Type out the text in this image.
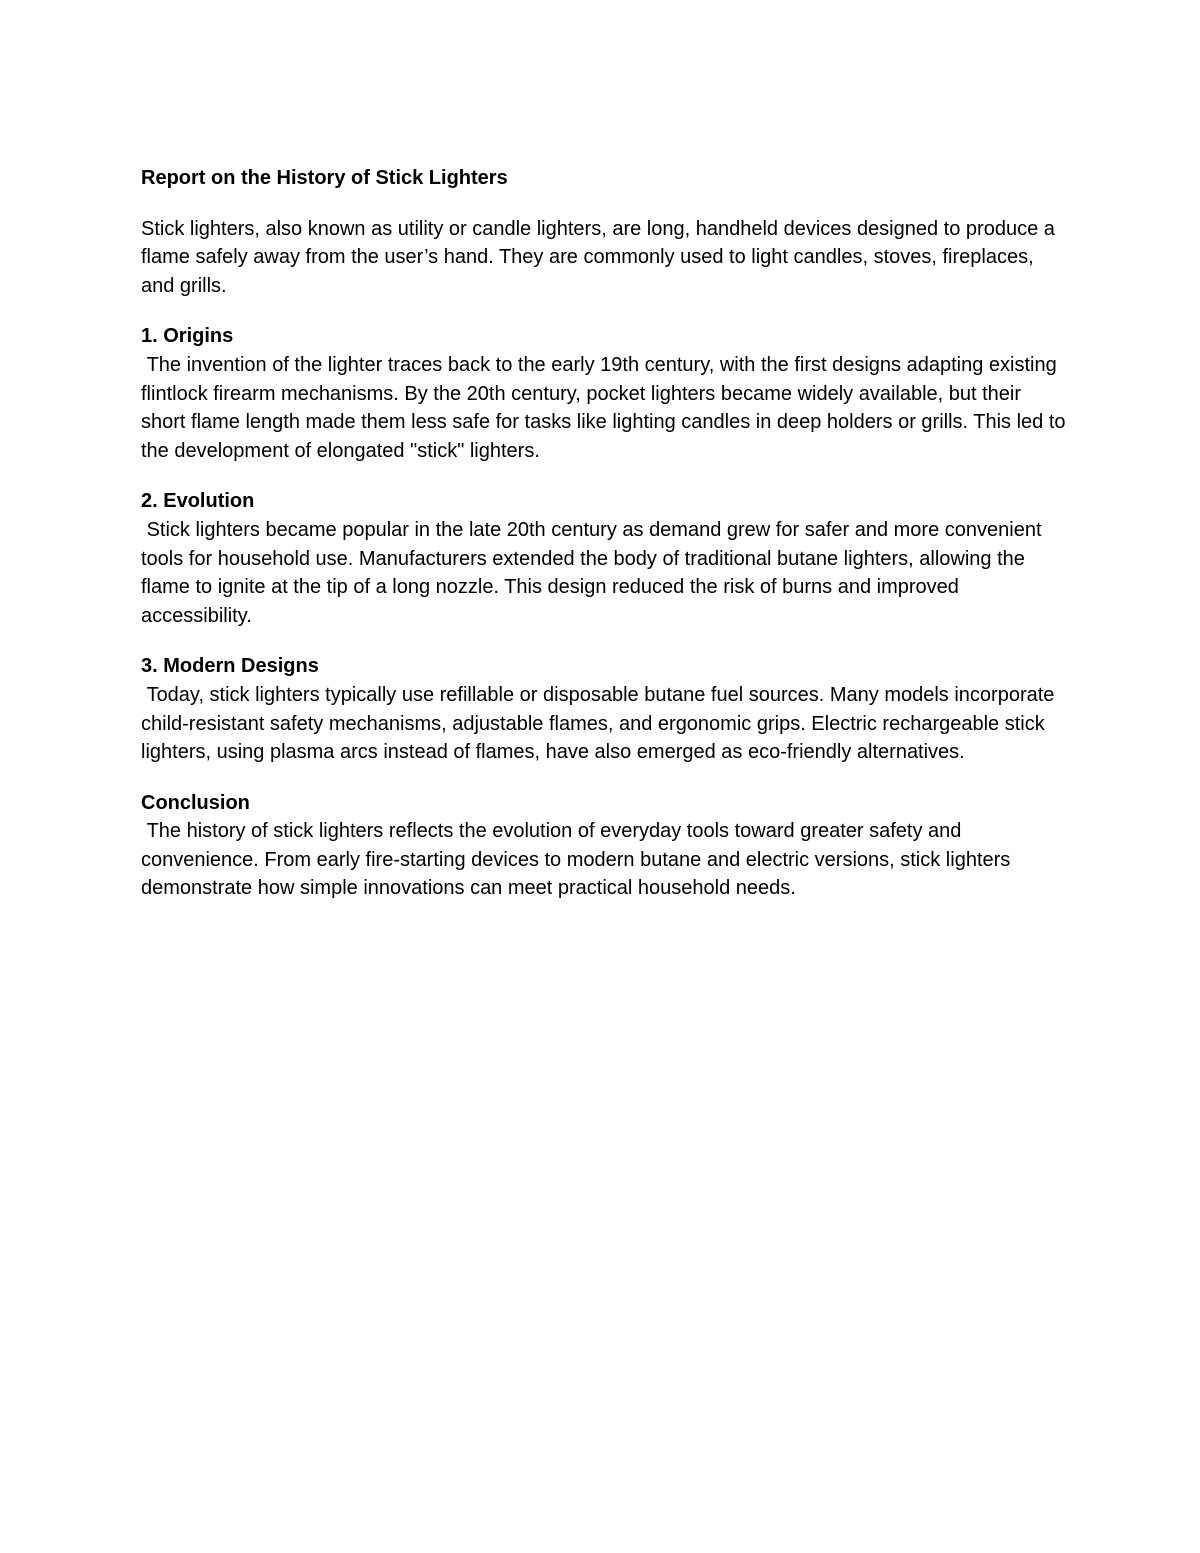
Report on the History of Stick Lighters

Stick lighters, also known as utility or candle lighters, are long, handheld devices designed to produce a flame safely away from the user’s hand. They are commonly used to light candles, stoves, fireplaces, and grills.

1. Origins
The invention of the lighter traces back to the early 19th century, with the first designs adapting existing flintlock firearm mechanisms. By the 20th century, pocket lighters became widely available, but their short flame length made them less safe for tasks like lighting candles in deep holders or grills. This led to the development of elongated "stick" lighters.
2. Evolution
Stick lighters became popular in the late 20th century as demand grew for safer and more convenient tools for household use. Manufacturers extended the body of traditional butane lighters, allowing the flame to ignite at the tip of a long nozzle. This design reduced the risk of burns and improved accessibility.
3. Modern Designs
Today, stick lighters typically use refillable or disposable butane fuel sources. Many models incorporate child-resistant safety mechanisms, adjustable flames, and ergonomic grips. Electric rechargeable stick lighters, using plasma arcs instead of flames, have also emerged as eco-friendly alternatives.
Conclusion
The history of stick lighters reflects the evolution of everyday tools toward greater safety and convenience. From early fire-starting devices to modern butane and electric versions, stick lighters demonstrate how simple innovations can meet practical household needs.
